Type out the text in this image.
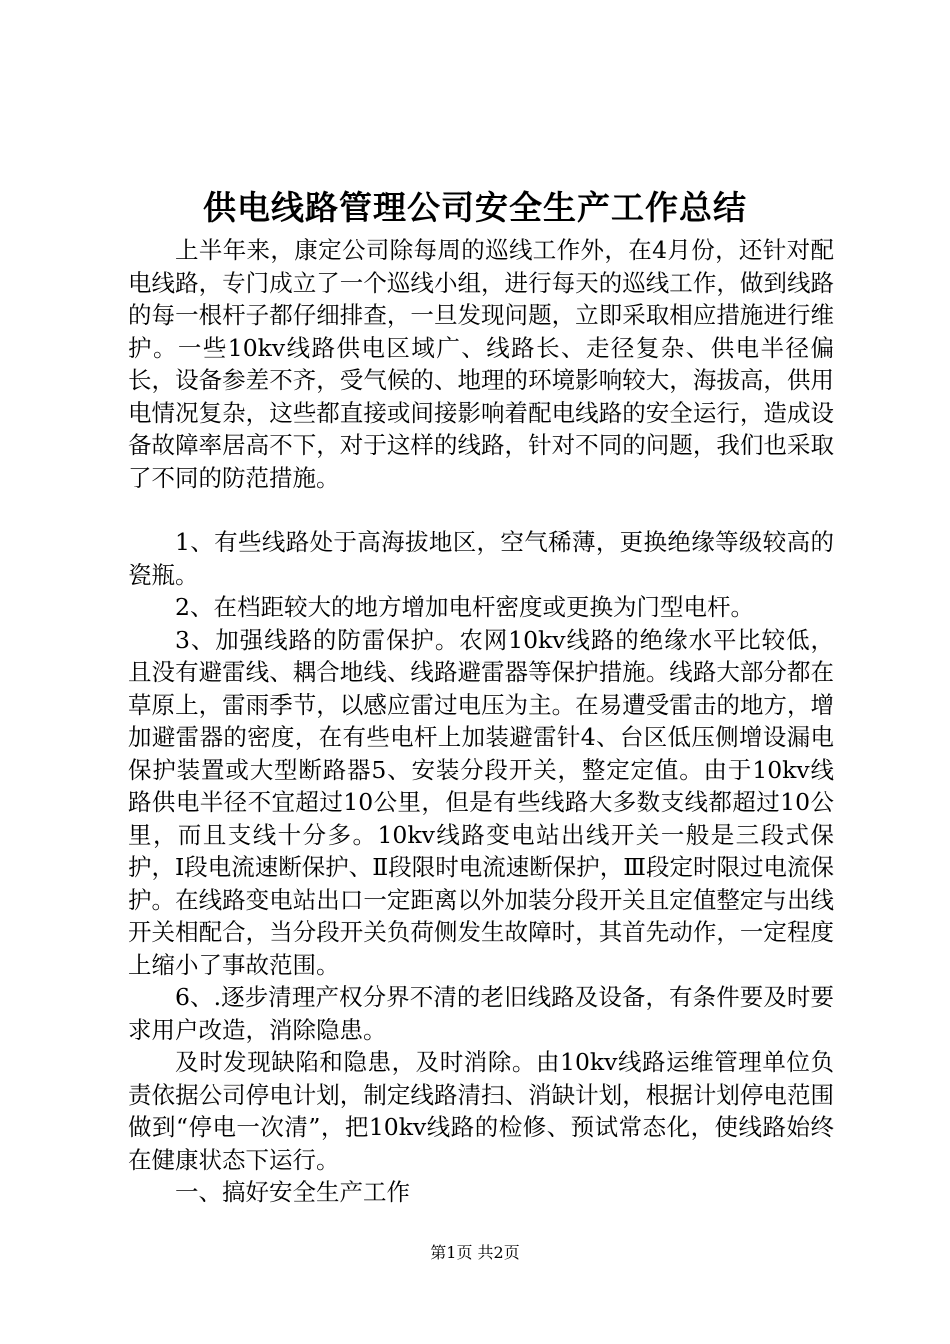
供电线路管理公司安全生产工作总结

上半年来，康定公司除每周的巡线工作外，在4月份，还针对配电线路，专门成立了一个巡线小组，进行每天的巡线工作，做到线路的每一根杆子都仔细排查，一旦发现问题，立即采取相应措施进行维护。一些10kv线路供电区域广、线路长、走径复杂、供电半径偏长，设备参差不齐，受气候的、地理的环境影响较大，海拔高，供用电情况复杂，这些都直接或间接影响着配电线路的安全运行，造成设备故障率居高不下，对于这样的线路，针对不同的问题，我们也采取了不同的防范措施。

1、有些线路处于高海拔地区，空气稀薄，更换绝缘等级较高的瓷瓶。

2、在档距较大的地方增加电杆密度或更换为门型电杆。

3、加强线路的防雷保护。农网10kv线路的绝缘水平比较低，且没有避雷线、耦合地线、线路避雷器等保护措施。线路大部分都在草原上，雷雨季节，以感应雷过电压为主。在易遭受雷击的地方，增加避雷器的密度，在有些电杆上加装避雷针4、台区低压侧增设漏电保护装置或大型断路器5、安装分段开关，整定定值。由于10kv线路供电半径不宜超过10公里，但是有些线路大多数支线都超过10公里，而且支线十分多。10kv线路变电站出线开关一般是三段式保护，Ⅰ段电流速断保护、Ⅱ段限时电流速断保护，Ⅲ段定时限过电流保护。在线路变电站出口一定距离以外加装分段开关且定值整定与出线开关相配合，当分段开关负荷侧发生故障时，其首先动作，一定程度上缩小了事故范围。

6、.逐步清理产权分界不清的老旧线路及设备，有条件要及时要求用户改造，消除隐患。

及时发现缺陷和隐患，及时消除。由10kv线路运维管理单位负责依据公司停电计划，制定线路清扫、消缺计划，根据计划停电范围做到“停电一次清”，把10kv线路的检修、预试常态化，使线路始终在健康状态下运行。

一、搞好安全生产工作

第1页 共2页
